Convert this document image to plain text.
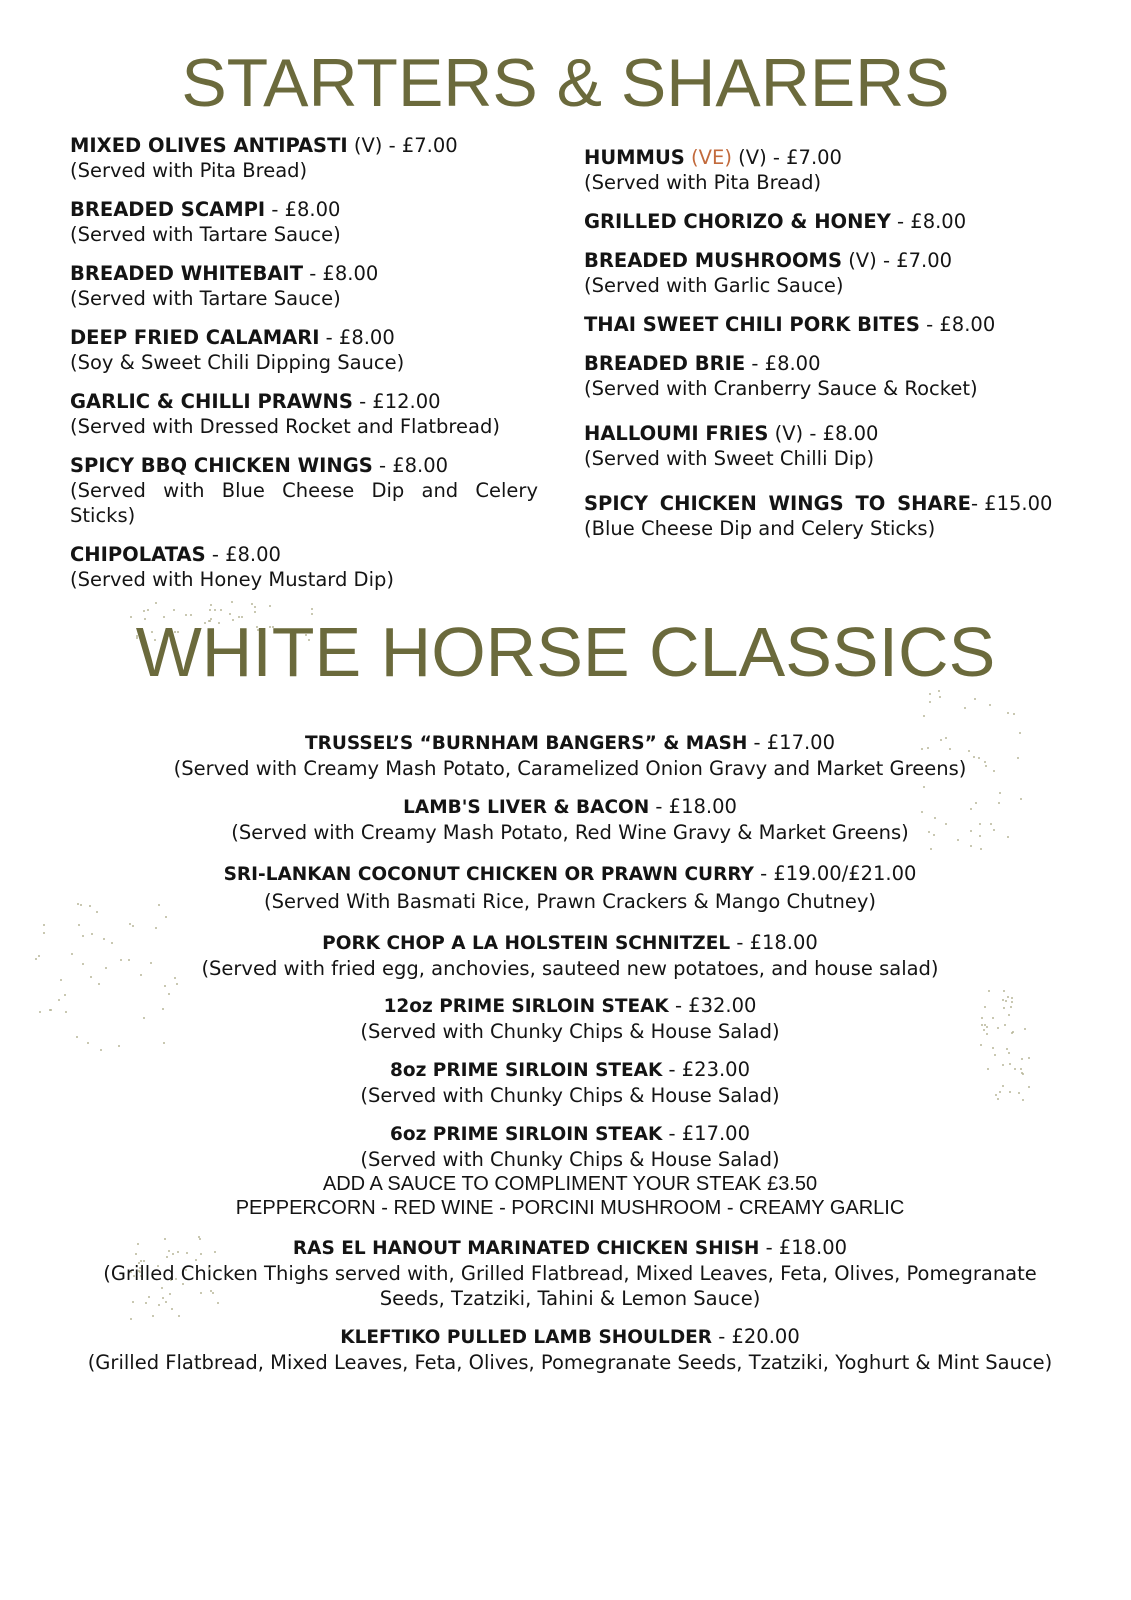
STARTERS & SHARERS
MIXED OLIVES ANTIPASTI (V) - £7.00
(Served with Pita Bread)
BREADED SCAMPI - £8.00
(Served with Tartare Sauce)
BREADED WHITEBAIT - £8.00
(Served with Tartare Sauce)
DEEP FRIED CALAMARI - £8.00
(Soy & Sweet Chili Dipping Sauce)
GARLIC & CHILLI PRAWNS - £12.00
(Served with Dressed Rocket and Flatbread)
SPICY BBQ CHICKEN WINGS - £8.00
(Served with Blue Cheese Dip and Celery Sticks)
CHIPOLATAS - £8.00
(Served with Honey Mustard Dip)
HUMMUS (VE) (V) - £7.00
(Served with Pita Bread)
GRILLED CHORIZO & HONEY - £8.00
BREADED MUSHROOMS (V) - £7.00
(Served with Garlic Sauce)
THAI SWEET CHILI PORK BITES - £8.00
BREADED BRIE - £8.00
(Served with Cranberry Sauce & Rocket)
HALLOUMI FRIES (V) - £8.00
(Served with Sweet Chilli Dip)
SPICY CHICKEN WINGS TO SHARE- £15.00
(Blue Cheese Dip and Celery Sticks)
WHITE HORSE CLASSICS
TRUSSEL’S “BURNHAM BANGERS” & MASH - £17.00
(Served with Creamy Mash Potato, Caramelized Onion Gravy and Market Greens)
LAMB'S LIVER & BACON - £18.00
(Served with Creamy Mash Potato, Red Wine Gravy & Market Greens)
SRI-LANKAN COCONUT CHICKEN OR PRAWN CURRY - £19.00/£21.00
(Served With Basmati Rice, Prawn Crackers & Mango Chutney)
PORK CHOP A LA HOLSTEIN SCHNITZEL - £18.00
(Served with fried egg, anchovies, sauteed new potatoes, and house salad)
12oz PRIME SIRLOIN STEAK - £32.00
(Served with Chunky Chips & House Salad)
8oz PRIME SIRLOIN STEAK - £23.00
(Served with Chunky Chips & House Salad)
6oz PRIME SIRLOIN STEAK - £17.00
(Served with Chunky Chips & House Salad)
ADD A SAUCE TO COMPLIMENT YOUR STEAK £3.50
PEPPERCORN - RED WINE - PORCINI MUSHROOM - CREAMY GARLIC
RAS EL HANOUT MARINATED CHICKEN SHISH - £18.00
(Grilled Chicken Thighs served with, Grilled Flatbread, Mixed Leaves, Feta, Olives, Pomegranate Seeds, Tzatziki, Tahini & Lemon Sauce)
KLEFTIKO PULLED LAMB SHOULDER - £20.00
(Grilled Flatbread, Mixed Leaves, Feta, Olives, Pomegranate Seeds, Tzatziki, Yoghurt & Mint Sauce)
